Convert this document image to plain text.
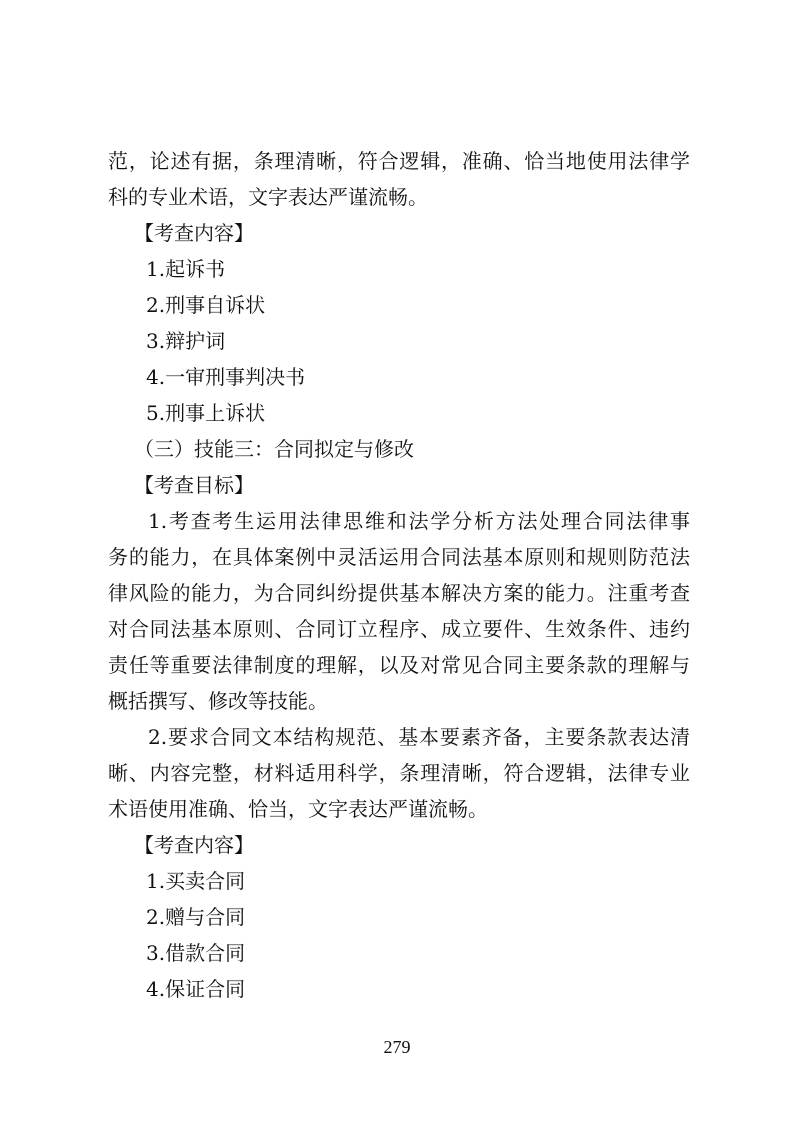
范，论述有据，条理清晰，符合逻辑，准确、恰当地使用法律学
科的专业术语，文字表达严谨流畅。
【考查内容】
1.起诉书
2.刑事自诉状
3.辩护词
4.一审刑事判决书
5.刑事上诉状
（三）技能三：合同拟定与修改
【考查目标】
1.考查考生运用法律思维和法学分析方法处理合同法律事
务的能力，在具体案例中灵活运用合同法基本原则和规则防范法
律风险的能力，为合同纠纷提供基本解决方案的能力。注重考查
对合同法基本原则、合同订立程序、成立要件、生效条件、违约
责任等重要法律制度的理解，以及对常见合同主要条款的理解与
概括撰写、修改等技能。
2.要求合同文本结构规范、基本要素齐备，主要条款表达清
晰、内容完整，材料适用科学，条理清晰，符合逻辑，法律专业
术语使用准确、恰当，文字表达严谨流畅。
【考查内容】
1.买卖合同
2.赠与合同
3.借款合同
4.保证合同
279
